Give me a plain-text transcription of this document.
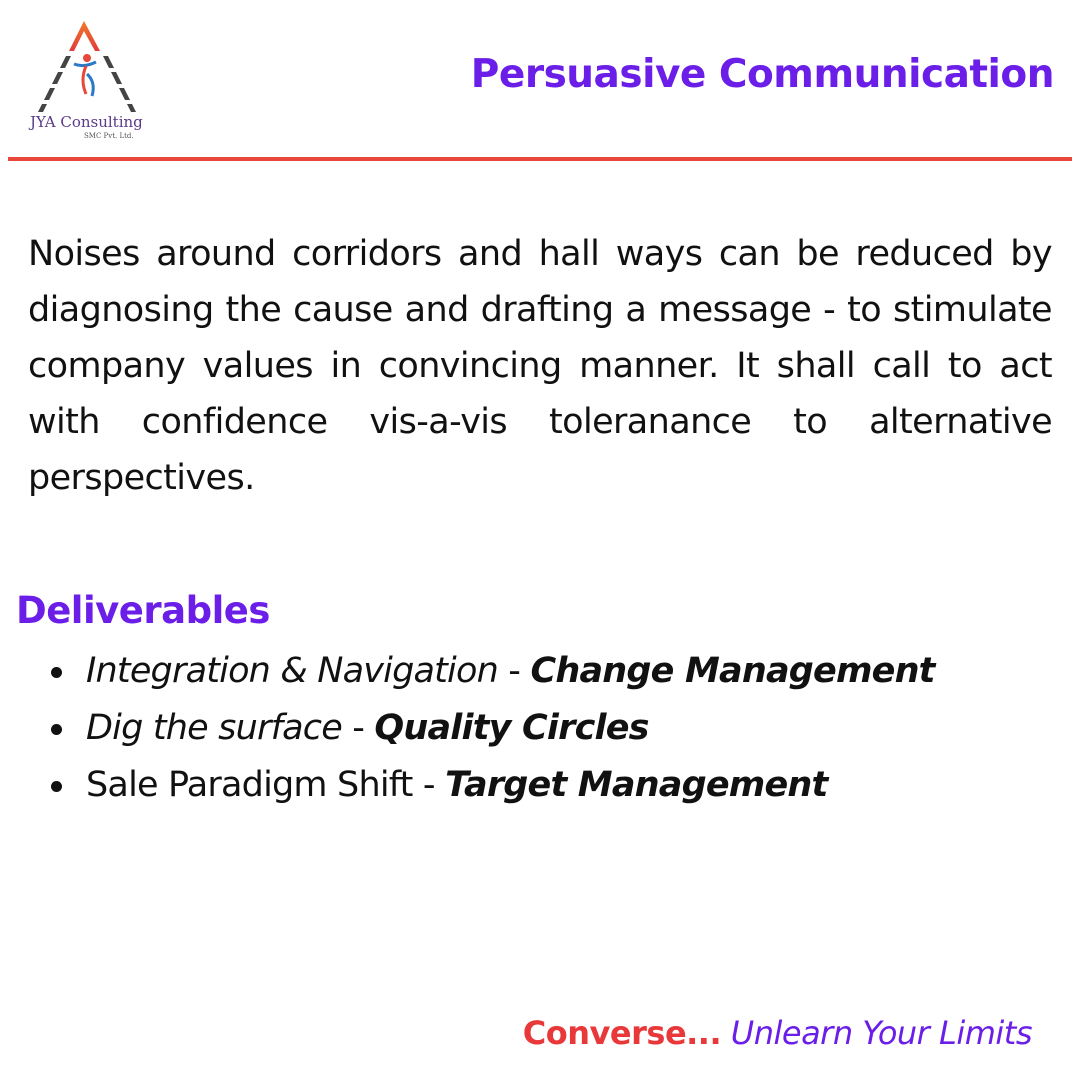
JYA Consulting
SMC Pvt. Ltd.
Persuasive Communication
Noises around corridors and hall ways can be reduced by diagnosing the cause and drafting a message - to stimulate company values in convincing manner. It shall call to act with confidence vis-a-vis toleranance to alternative perspectives.
Deliverables
Integration & Navigation - Change Management
Dig the surface - Quality Circles
Sale Paradigm Shift - Target Management
Converse... Unlearn Your Limits
